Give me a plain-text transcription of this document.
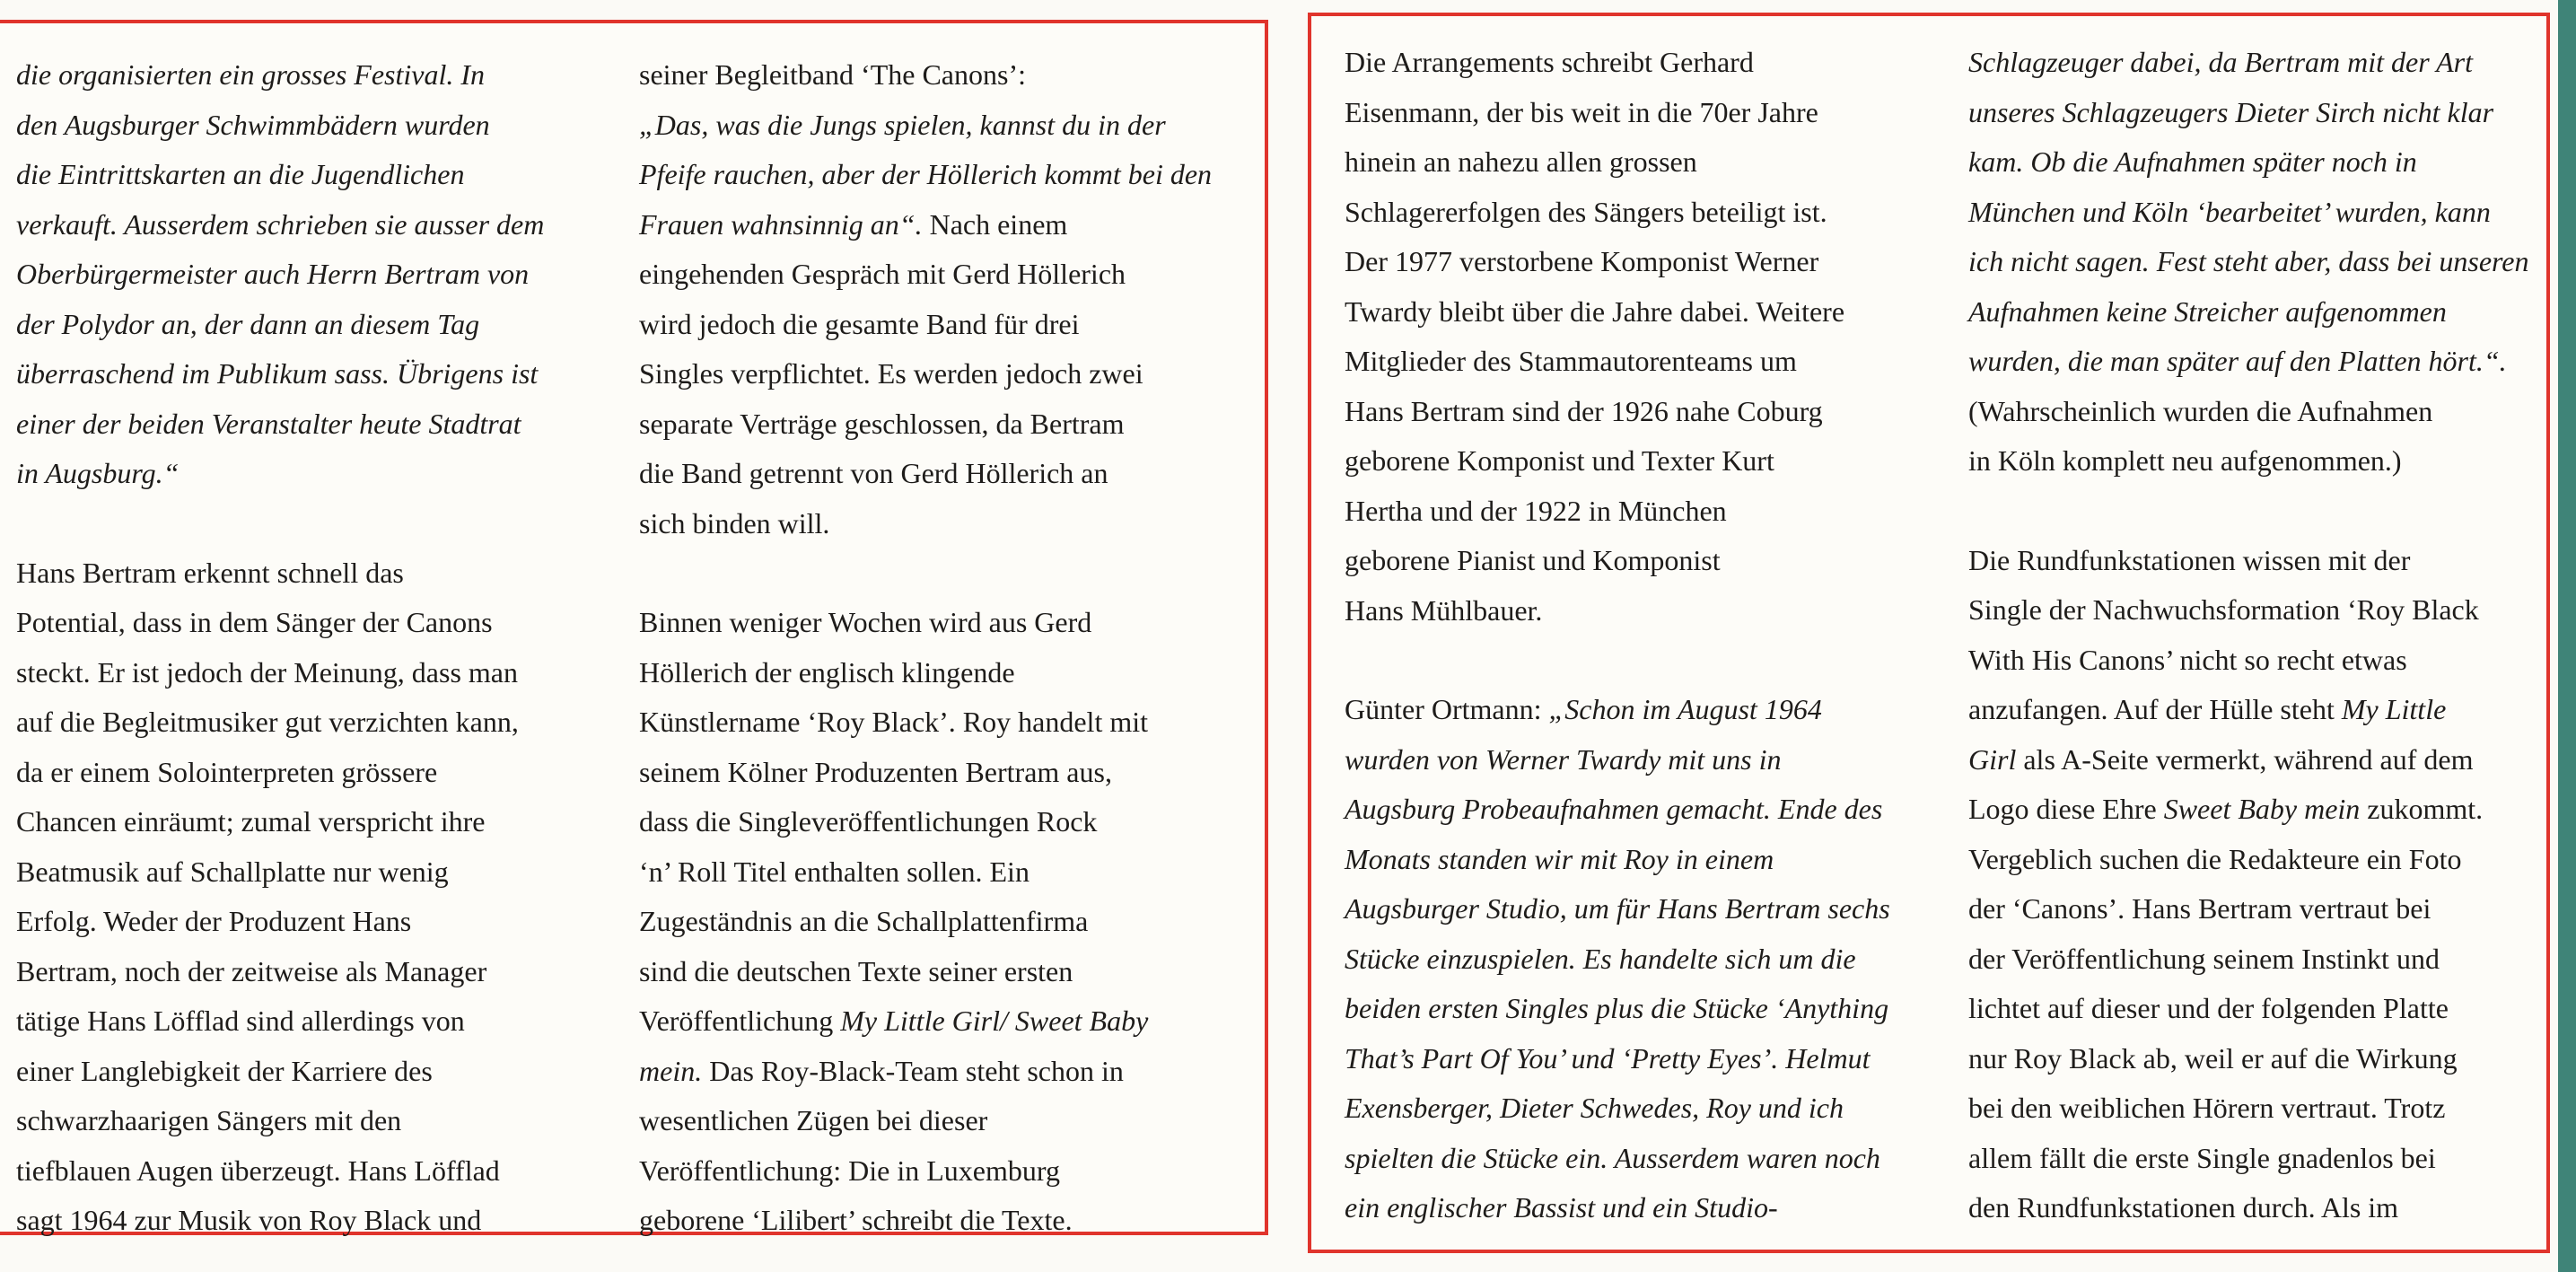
die organisierten ein grosses Festival. In
den Augsburger Schwimmbädern wurden
die Eintrittskarten an die Jugendlichen
verkauft. Ausserdem schrieben sie ausser dem
Oberbürgermeister auch Herrn Bertram von
der Polydor an, der dann an diesem Tag
überraschend im Publikum sass. Übrigens ist
einer der beiden Veranstalter heute Stadtrat
in Augsburg.“

Hans Bertram erkennt schnell das
Potential, dass in dem Sänger der Canons
steckt. Er ist jedoch der Meinung, dass man
auf die Begleitmusiker gut verzichten kann,
da er einem Solointerpreten grössere
Chancen einräumt; zumal verspricht ihre
Beatmusik auf Schallplatte nur wenig
Erfolg. Weder der Produzent Hans
Bertram, noch der zeitweise als Manager
tätige Hans Löfflad sind allerdings von
einer Langlebigkeit der Karriere des
schwarzhaarigen Sängers mit den
tiefblauen Augen überzeugt. Hans Löfflad
sagt 1964 zur Musik von Roy Black und

seiner Begleitband ‘The Canons’:
„Das, was die Jungs spielen, kannst du in der
Pfeife rauchen, aber der Höllerich kommt bei den
Frauen wahnsinnig an“. Nach einem
eingehenden Gespräch mit Gerd Höllerich
wird jedoch die gesamte Band für drei
Singles verpflichtet. Es werden jedoch zwei
separate Verträge geschlossen, da Bertram
die Band getrennt von Gerd Höllerich an
sich binden will.

Binnen weniger Wochen wird aus Gerd
Höllerich der englisch klingende
Künstlername ‘Roy Black’. Roy handelt mit
seinem Kölner Produzenten Bertram aus,
dass die Singleveröffentlichungen Rock
‘n’ Roll Titel enthalten sollen. Ein
Zugeständnis an die Schallplattenfirma
sind die deutschen Texte seiner ersten
Veröffentlichung My Little Girl/ Sweet Baby
mein. Das Roy-Black-Team steht schon in
wesentlichen Zügen bei dieser
Veröffentlichung: Die in Luxemburg
geborene ‘Lilibert’ schreibt die Texte.

Die Arrangements schreibt Gerhard
Eisenmann, der bis weit in die 70er Jahre
hinein an nahezu allen grossen
Schlagererfolgen des Sängers beteiligt ist.
Der 1977 verstorbene Komponist Werner
Twardy bleibt über die Jahre dabei. Weitere
Mitglieder des Stammautorenteams um
Hans Bertram sind der 1926 nahe Coburg
geborene Komponist und Texter Kurt
Hertha und der 1922 in München
geborene Pianist und Komponist
Hans Mühlbauer.

Günter Ortmann: „Schon im August 1964
wurden von Werner Twardy mit uns in
Augsburg Probeaufnahmen gemacht. Ende des
Monats standen wir mit Roy in einem
Augsburger Studio, um für Hans Bertram sechs
Stücke einzuspielen. Es handelte sich um die
beiden ersten Singles plus die Stücke ‘Anything
That’s Part Of You’ und ‘Pretty Eyes’. Helmut
Exensberger, Dieter Schwedes, Roy und ich
spielten die Stücke ein. Ausserdem waren noch
ein englischer Bassist und ein Studio-

Schlagzeuger dabei, da Bertram mit der Art
unseres Schlagzeugers Dieter Sirch nicht klar
kam. Ob die Aufnahmen später noch in
München und Köln ‘bearbeitet’ wurden, kann
ich nicht sagen. Fest steht aber, dass bei unseren
Aufnahmen keine Streicher aufgenommen
wurden, die man später auf den Platten hört.“.
(Wahrscheinlich wurden die Aufnahmen
in Köln komplett neu aufgenommen.)

Die Rundfunkstationen wissen mit der
Single der Nachwuchsformation ‘Roy Black
With His Canons’ nicht so recht etwas
anzufangen. Auf der Hülle steht My Little
Girl als A-Seite vermerkt, während auf dem
Logo diese Ehre Sweet Baby mein zukommt.
Vergeblich suchen die Redakteure ein Foto
der ‘Canons’. Hans Bertram vertraut bei
der Veröffentlichung seinem Instinkt und
lichtet auf dieser und der folgenden Platte
nur Roy Black ab, weil er auf die Wirkung
bei den weiblichen Hörern vertraut. Trotz
allem fällt die erste Single gnadenlos bei
den Rundfunkstationen durch. Als im
